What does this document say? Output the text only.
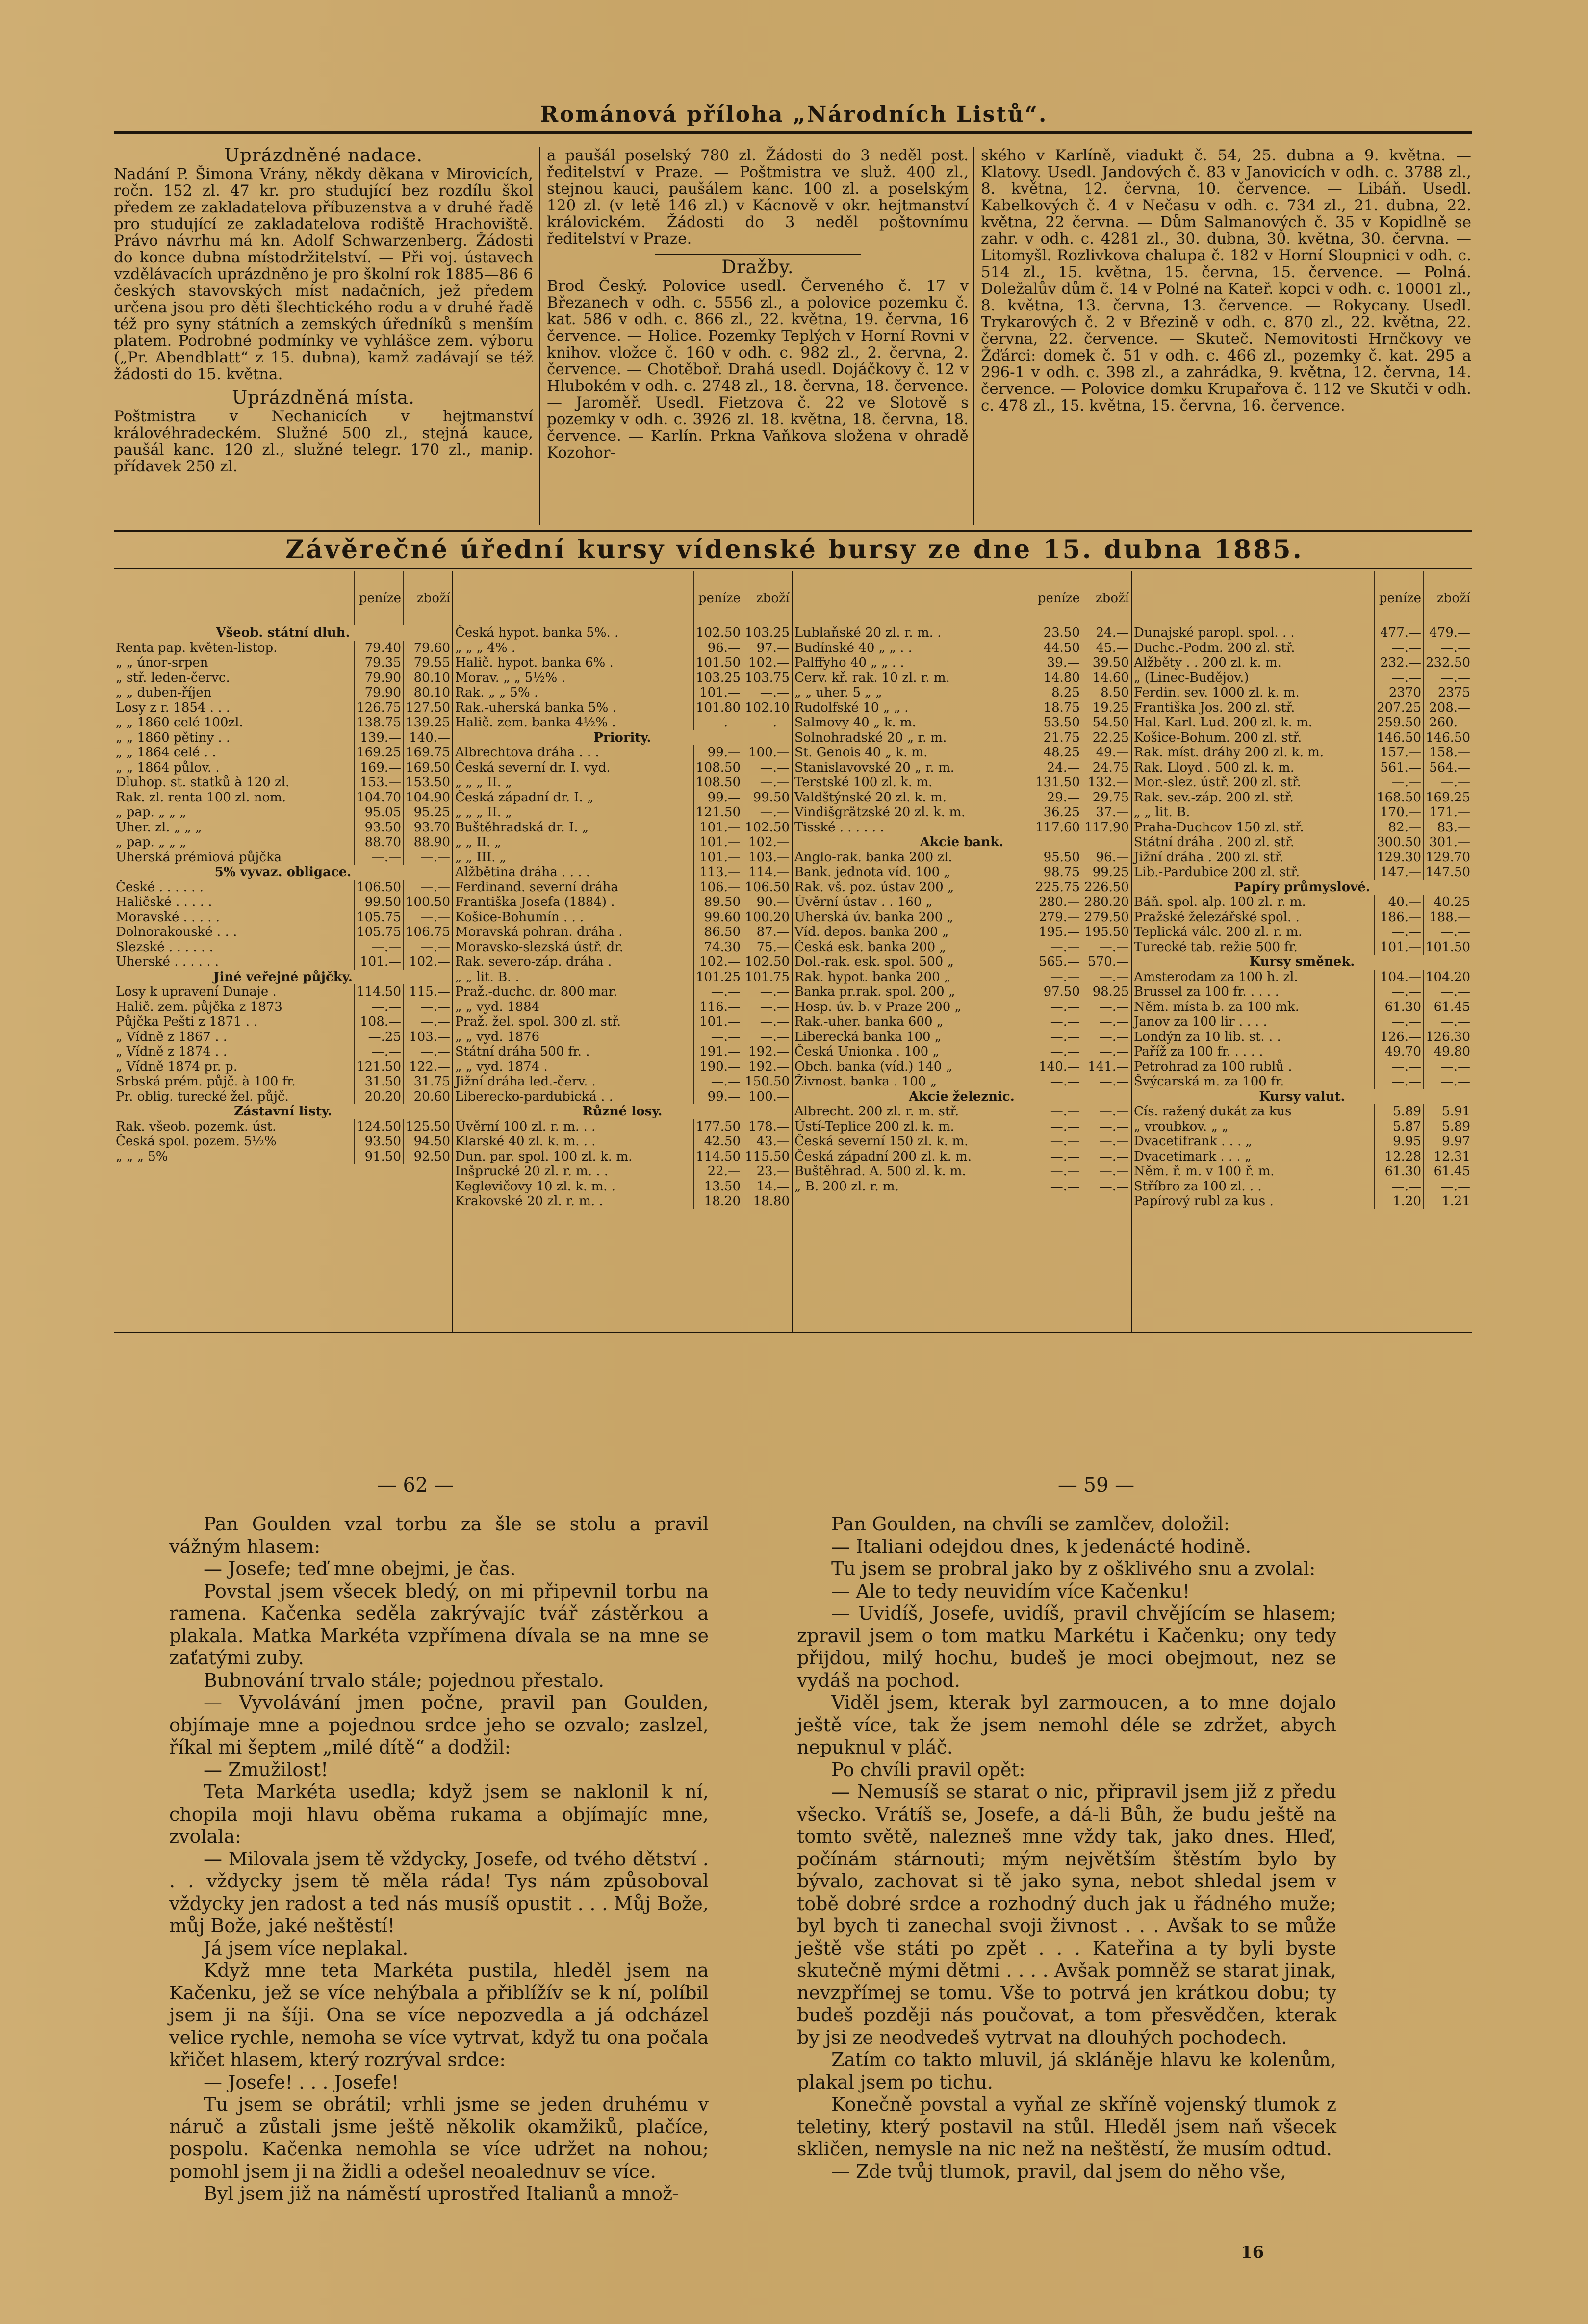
Románová příloha „Národních Listů“.
Uprázdněné nadace.

Nadání P. Šimona Vrány, někdy děkana v Mirovicích, ročn. 152 zl. 47 kr. pro studující bez rozdílu škol předem ze zakladatelova příbuzenstva a v druhé řadě pro studující ze zakladatelova rodiště Hrachoviště. Právo návrhu má kn. Adolf Schwarzenberg. Žádosti do konce dubna místodržitelství. — Při voj. ústavech vzdělávacích uprázdněno je pro školní rok 1885—86 6 českých stavovských míst nadačních, jež předem určena jsou pro děti šlechtického rodu a v druhé řadě též pro syny státních a zemských úředníků s menším platem. Podrobné podmínky ve vyhlášce zem. výboru („Pr. Abendblatt“ z 15. dubna), kamž zadávají se též žádosti do 15. května.

Uprázdněná místa.

Poštmistra v Nechanicích v hejtmanství královéhradeckém. Služné 500 zl., stejná kauce, paušál kanc. 120 zl., služné telegr. 170 zl., manip. přídavek 250 zl.

a paušál poselský 780 zl. Žádosti do 3 neděl post. ředitelství v Praze. — Poštmistra ve služ. 400 zl., stejnou kauci, paušálem kanc. 100 zl. a poselským 120 zl. (v letě 146 zl.) v Kácnově v okr. hejtmanství královickém. Žádosti do 3 neděl poštovnímu ředitelství v Praze.

Dražby.

Brod Český. Polovice usedl. Červeného č. 17 v Březanech v odh. c. 5556 zl., a polovice pozemku č. kat. 586 v odh. c. 866 zl., 22. května, 19. června, 16 července. — Holice. Pozemky Teplých v Horní Rovni v knihov. vložce č. 160 v odh. c. 982 zl., 2. června, 2. července. — Chotěboř. Drahá usedl. Dojáčkovy č. 12 v Hlubokém v odh. c. 2748 zl., 18. června, 18. července. — Jaroměř. Usedl. Fietzova č. 22 ve Slotově s pozemky v odh. c. 3926 zl. 18. května, 18. června, 18. července. — Karlín. Prkna Vaňkova složena v ohradě Kozohor-

ského v Karlíně, viadukt č. 54, 25. dubna a 9. května. — Klatovy. Usedl. Jandových č. 83 v Janovicích v odh. c. 3788 zl., 8. května, 12. června, 10. července. — Libáň. Usedl. Kabelkových č. 4 v Nečasu v odh. c. 734 zl., 21. dubna, 22. května, 22 června. — Dům Salmanových č. 35 v Kopidlně se zahr. v odh. c. 4281 zl., 30. dubna, 30. května, 30. června. — Litomyšl. Rozlivkova chalupa č. 182 v Horní Sloupnici v odh. c. 514 zl., 15. května, 15. června, 15. července. — Polná. Doležalův dům č. 14 v Polné na Kateř. kopci v odh. c. 10001 zl., 8. května, 13. června, 13. července. — Rokycany. Usedl. Trykarových č. 2 v Březině v odh. c. 870 zl., 22. května, 22. června, 22. července. — Skuteč. Nemovitosti Hrnčkovy ve Žďárci: domek č. 51 v odh. c. 466 zl., pozemky č. kat. 295 a 296-1 v odh. c. 398 zl., a zahrádka, 9. května, 12. června, 14. července. — Polovice domku Krupařova č. 112 ve Skutči v odh. c. 478 zl., 15. května, 15. června, 16. července.

Závěrečné úřední kursy vídenské bursy ze dne 15. dubna 1885.
	peníze	zboží
Všeob. státní dluh.		
Renta pap. květen-listop.	79.40	79.60
„ „ únor-srpen	79.35	79.55
„ stř. leden-červc.	79.90	80.10
„ „ duben-říjen	79.90	80.10
Losy z r. 1854 . . .	126.75	127.50
„ „ 1860 celé 100zl.	138.75	139.25
„ „ 1860 pětiny . .	139.—	140.—
„ „ 1864 celé . .	169.25	169.75
„ „ 1864 půlov. .	169.—	169.50
Dluhop. st. statků à 120 zl.	153.—	153.50
Rak. zl. renta 100 zl. nom.	104.70	104.90
„ pap. „ „ „	95.05	95.25
Uher. zl. „ „ „	93.50	93.70
„ pap. „ „ „	88.70	88.90
Uherská prémiová půjčka	—.—	—.—
5% vyvaz. obligace.		
České . . . . . .	106.50	—.—
Haličské . . . . .	99.50	100.50
Moravské . . . . .	105.75	—.—
Dolnorakouské . . .	105.75	106.75
Slezské . . . . . .	—.—	—.—
Uherské . . . . . .	101.—	102.—
Jiné veřejné půjčky.		
Losy k upravení Dunaje .	114.50	115.—
Halič. zem. půjčka z 1873	—.—	—.—
Půjčka Pešti z 1871 . .	108.—	—.—
„ Vídně z 1867 . .	—.25	103.—
„ Vídně z 1874 . .	—.—	—.—
„ Vídně 1874 pr. p.	121.50	122.—
Srbská prém. půjč. à 100 fr.	31.50	31.75
Pr. oblig. turecké žel. půjč.	20.20	20.60
Zástavní listy.		
Rak. všeob. pozemk. úst.	124.50	125.50
Česká spol. pozem. 5½%	93.50	94.50
„ „ „ 5%	91.50	92.50
	peníze	zboží
Česká hypot. banka 5%. .	102.50	103.25
„ „ „ 4% .	96.—	97.—
Halič. hypot. banka 6% .	101.50	102.—
Morav. „ „ 5½% .	103.25	103.75
Rak. „ „ 5% .	101.—	—.—
Rak.-uherská banka 5% .	101.80	102.10
Halič. zem. banka 4½% .	—.—	—.—
Priority.		
Albrechtova dráha . . .	99.—	100.—
Česká severní dr. I. vyd.	108.50	—.—
„ „ „ II. „	108.50	—.—
Česká západní dr. I. „	99.—	99.50
„ „ „ II. „	121.50	—.—
Buštěhradská dr. I. „	101.—	102.50
„ „ II. „	101.—	102.—
„ „ III. „	101.—	103.—
Alžbětina dráha . . . .	113.—	114.—
Ferdinand. severní dráha	106.—	106.50
Františka Josefa (1884) .	89.50	90.—
Košice-Bohumín . . .	99.60	100.20
Moravská pohran. dráha .	86.50	87.—
Moravsko-slezská ústř. dr.	74.30	75.—
Rak. severo-záp. dráha .	102.—	102.50
„ „ lit. B. .	101.25	101.75
Praž.-duchc. dr. 800 mar.	—.—	—.—
„ „ vyd. 1884	116.—	—.—
Praž. žel. spol. 300 zl. stř.	101.—	—.—
„ „ vyd. 1876	—.—	—.—
Státní dráha 500 fr. .	191.—	192.—
„ „ vyd. 1874 .	190.—	192.—
Jižní dráha led.-červ. .	—.—	150.50
Liberecko-pardubická . .	99.—	100.—
Různé losy.		
Úvěrní 100 zl. r. m. . .	177.50	178.—
Klarské 40 zl. k. m. . .	42.50	43.—
Dun. par. spol. 100 zl. k. m.	114.50	115.50
Inšprucké 20 zl. r. m. . .	22.—	23.—
Keglevičovy 10 zl. k. m. .	13.50	14.—
Krakovské 20 zl. r. m. .	18.20	18.80
	peníze	zboží
Lublaňské 20 zl. r. m. .	23.50	24.—
Budínské 40 „ „ . .	44.50	45.—
Palffyho 40 „ „ . .	39.—	39.50
Červ. kř. rak. 10 zl. r. m.	14.80	14.60
„ „ uher. 5 „ „	8.25	8.50
Rudolfské 10 „ „ .	18.75	19.25
Salmovy 40 „ k. m.	53.50	54.50
Solnohradské 20 „ r. m.	21.75	22.25
St. Genois 40 „ k. m.	48.25	49.—
Stanislavovské 20 „ r. m.	24.—	24.75
Terstské 100 zl. k. m.	131.50	132.—
Valdštýnské 20 zl. k. m.	29.—	29.75
Vindišgrätzské 20 zl. k. m.	36.25	37.—
Tisské . . . . . .	117.60	117.90

Akcie bank.		
Anglo-rak. banka 200 zl.	95.50	96.—
Bank. jednota víd. 100 „	98.75	99.25
Rak. vš. poz. ústav 200 „	225.75	226.50
Úvěrní ústav . . 160 „	280.—	280.20
Uherská úv. banka 200 „	279.—	279.50
Víd. depos. banka 200 „	195.—	195.50
Česká esk. banka 200 „	—.—	—.—
Dol.-rak. esk. spol. 500 „	565.—	570.—
Rak. hypot. banka 200 „	—.—	—.—
Banka pr.rak. spol. 200 „	97.50	98.25
Hosp. úv. b. v Praze 200 „	—.—	—.—
Rak.-uher. banka 600 „	—.—	—.—
Liberecká banka 100 „	—.—	—.—
Česká Unionka . 100 „	—.—	—.—
Obch. banka (víd.) 140 „	140.—	141.—
Živnost. banka . 100 „	—.—	—.—
Akcie železnic.		
Albrecht. 200 zl. r. m. stř.	—.—	—.—
Ústí-Teplice 200 zl. k. m.	—.—	—.—
Česká severní 150 zl. k. m.	—.—	—.—
Česká západní 200 zl. k. m.	—.—	—.—
Buštěhrad. A. 500 zl. k. m.	—.—	—.—
„ B. 200 zl. r. m.	—.—	—.—
	peníze	zboží
Dunajské paropl. spol. . .	477.—	479.—
Duchc.-Podm. 200 zl. stř.	—.—	—.—
Alžběty . . 200 zl. k. m.	232.—	232.50
„ (Linec-Budějov.)	—.—	—.—
Ferdin. sev. 1000 zl. k. m.	2370	2375
Františka Jos. 200 zl. stř.	207.25	208.—
Hal. Karl. Lud. 200 zl. k. m.	259.50	260.—
Košice-Bohum. 200 zl. stř.	146.50	146.50
Rak. míst. dráhy 200 zl. k. m.	157.—	158.—
Rak. Lloyd . 500 zl. k. m.	561.—	564.—
Mor.-slez. ústř. 200 zl. stř.	—.—	—.—
Rak. sev.-záp. 200 zl. stř.	168.50	169.25
„ „ lit. B.	170.—	171.—
Praha-Duchcov 150 zl. stř.	82.—	83.—
Státní dráha . 200 zl. stř.	300.50	301.—
Jižní dráha . 200 zl. stř.	129.30	129.70
Lib.-Pardubice 200 zl. stř.	147.—	147.50
Papíry průmyslové.		
Báň. spol. alp. 100 zl. r. m.	40.—	40.25
Pražské železářské spol. .	186.—	188.—
Teplická válc. 200 zl. r. m.	—.—	—.—
Turecké tab. režie 500 fr.	101.—	101.50
Kursy směnek.		
Amsterodam za 100 h. zl.	104.—	104.20
Brussel za 100 fr. . . . .	—.—	—.—
Něm. místa b. za 100 mk.	61.30	61.45
Janov za 100 lir . . . .	—.—	—.—
Londýn za 10 lib. st. . .	126.—	126.30
Paříž za 100 fr. . . . .	49.70	49.80
Petrohrad za 100 rublů .	—.—	—.—
Švýcarská m. za 100 fr.	—.—	—.—
Kursy valut.		
Cís. ražený dukát za kus	5.89	5.91
„ vroubkov. „ „	5.87	5.89
Dvacetifrank . . . „	9.95	9.97
Dvacetimark . . . „	12.28	12.31
Něm. ř. m. v 100 ř. m.	61.30	61.45
Stříbro za 100 zl. . .	—.—	—.—
Papírový rubl za kus .	1.20	1.21
— 62 —

Pan Goulden vzal torbu za šle se stolu a pravil vážným hlasem:

— Josefe; teď mne obejmi, je čas.

Povstal jsem všecek bledý, on mi připevnil torbu na ramena. Kačenka seděla zakrývajíc tvář zástěrkou a plakala. Matka Markéta vzpřímena dívala se na mne se zaťatými zuby.

Bubnování trvalo stále; pojednou přestalo.

— Vyvolávání jmen počne, pravil pan Goulden, objímaje mne a pojednou srdce jeho se ozvalo; zaslzel, říkal mi šeptem „milé dítě“ a dodžil:

— Zmužilost!

Teta Markéta usedla; když jsem se naklonil k ní, chopila moji hlavu oběma rukama a objímajíc mne, zvolala:

— Milovala jsem tě vždycky, Josefe, od tvého dětství . . . vždycky jsem tě měla ráda! Tys nám způsoboval vždycky jen radost a ted nás musíš opustit . . . Můj Bože, můj Bože, jaké neštěstí!

Já jsem více neplakal.

Když mne teta Markéta pustila, hleděl jsem na Kačenku, jež se více nehýbala a přiblížív se k ní, políbil jsem ji na šíji. Ona se více nepozvedla a já odcházel velice rychle, nemoha se více vytrvat, když tu ona počala křičet hlasem, který rozrýval srdce:

— Josefe! . . . Josefe!

Tu jsem se obrátil; vrhli jsme se jeden druhému v náruč a zůstali jsme ještě několik okamžiků, plačíce, pospolu. Kačenka nemohla se více udržet na nohou; pomohl jsem ji na židli a odešel neoalednuv se více.

Byl jsem již na náměstí uprostřed Italianů a množ-

— 59 —

Pan Goulden, na chvíli se zamlčev, doložil:

— Italiani odejdou dnes, k jedenácté hodině.

Tu jsem se probral jako by z ošklivého snu a zvolal:

— Ale to tedy neuvidím více Kačenku!

— Uvidíš, Josefe, uvidíš, pravil chvějícím se hlasem; zpravil jsem o tom matku Markétu i Kačenku; ony tedy přijdou, milý hochu, budeš je moci obejmout, nez se vydáš na pochod.

Viděl jsem, kterak byl zarmoucen, a to mne dojalo ještě více, tak že jsem nemohl déle se zdržet, abych nepuknul v pláč.

Po chvíli pravil opět:

— Nemusíš se starat o nic, připravil jsem již z předu všecko. Vrátíš se, Josefe, a dá-li Bůh, že budu ještě na tomto světě, nalezneš mne vždy tak, jako dnes. Hleď, počínám stárnouti; mým největším štěstím bylo by bývalo, zachovat si tě jako syna, nebot shledal jsem v tobě dobré srdce a rozhodný duch jak u řádného muže; byl bych ti zanechal svoji živnost . . . Avšak to se může ještě vše státi po zpět . . . Kateřina a ty byli byste skutečně mými dětmi . . . . Avšak pomněž se starat jinak, nevzpřímej se tomu. Vše to potrvá jen krátkou dobu; ty budeš později nás poučovat, a tom přesvědčen, kterak by jsi ze neodvedeš vytrvat na dlouhých pochodech.

Zatím co takto mluvil, já skláněje hlavu ke kolenům, plakal jsem po tichu.

Konečně povstal a vyňal ze skříně vojenský tlumok z teletiny, který postavil na stůl. Hleděl jsem naň všecek skličen, nemysle na nic než na neštěstí, že musím odtud.

— Zde tvůj tlumok, pravil, dal jsem do něho vše,

16
